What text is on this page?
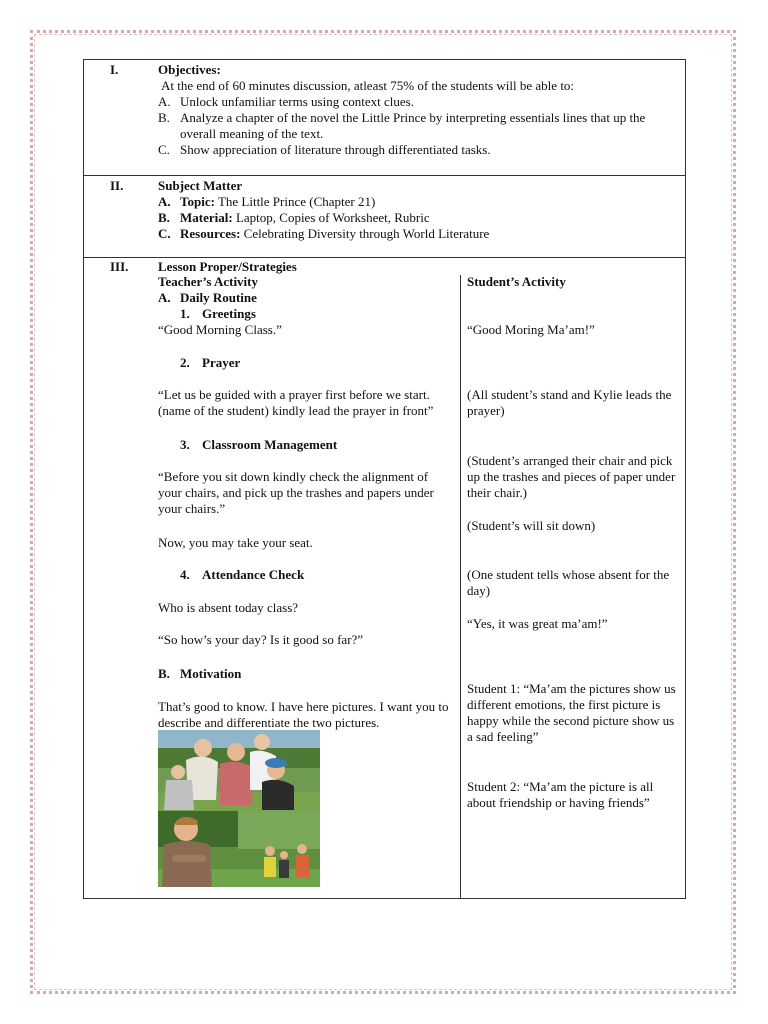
I.	Objectives:
At the end of 60 minutes discussion, atleast 75% of the students will be able to:
A. Unlock unfamiliar terms using context clues.
B. Analyze a chapter of the novel the Little Prince by interpreting essentials lines that up the overall meaning of the text.
C. Show appreciation of literature through differentiated tasks.
II.	Subject Matter
A. Topic: The Little Prince (Chapter 21)
B. Material: Laptop, Copies of Worksheet, Rubric
C. Resources: Celebrating Diversity through World Literature
III. Lesson Proper/Strategies
Teacher’s Activity
A. Daily Routine
1. Greetings
“Good Morning Class.”
2. Prayer
“Let us be guided with a prayer first before we start. (name of the student) kindly lead the prayer in front”
3. Classroom Management
“Before you sit down kindly check the alignment of your chairs, and pick up the trashes and papers under your chairs.”
Now, you may take your seat.
4. Attendance Check
Who is absent today class?
“So how’s your day? Is it good so far?”
B. Motivation
That’s good to know. I have here pictures. I want you to describe and differentiate the two pictures.
Student’s Activity
“Good Moring Ma’am!”
(All student’s stand and Kylie leads the prayer)
(Student’s arranged their chair and pick up the trashes and pieces of paper under their chair.)
(Student’s will sit down)
(One student tells whose absent for the day)
“Yes, it was great ma’am!”
Student 1: “Ma’am the pictures show us different emotions, the first picture is happy while the second picture show us a sad feeling”
Student 2: “Ma’am the picture is all about friendship or having friends”
